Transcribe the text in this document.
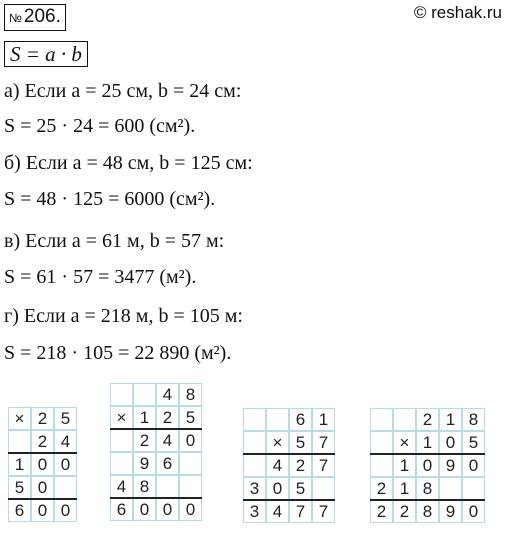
№ 206.	© reshak.ru
S = a · b
а) Если a = 25 см, b = 24 см:
S = 25 · 24 = 600 (см²).
б) Если a = 48 см, b = 125 см:
S = 48 · 125 = 6000 (см²).
в) Если a = 61 м, b = 57 м:
S = 61 · 57 = 3477 (м²).
г) Если a = 218 м, b = 105 м:
S = 218 · 105 = 22 890 (м²).
× 2 5
2 4
1 0 0
5 0
6 0 0
4 8
× 1 2 5
2 4 0
9 6
4 8
6 0 0 0
6 1
× 5 7
4 2 7
3 0 5
3 4 7 7
2 1 8
× 1 0 5
1 0 9 0
2 1 8
2 2 8 9 0
